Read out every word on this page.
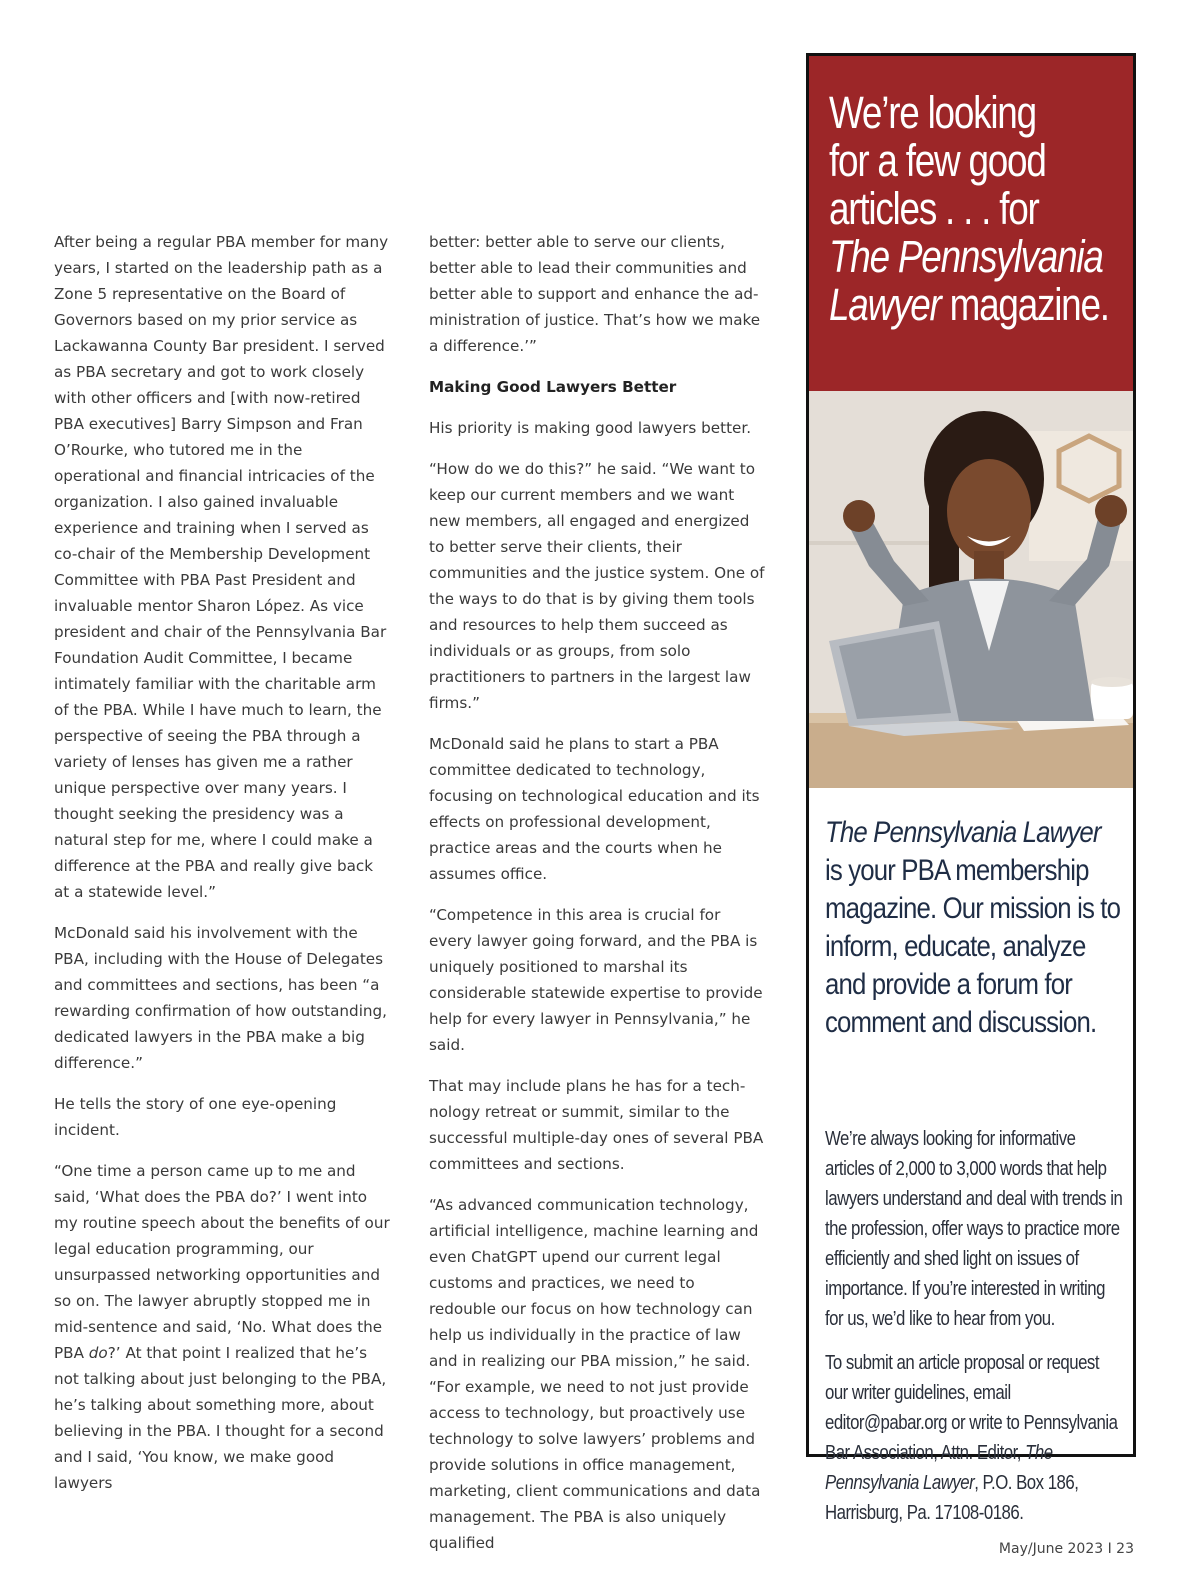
After being a regular PBA member for many years, I started on the leadership path as a Zone 5 representative on the Board of Governors based on my prior service as Lackawanna County Bar president. I served as PBA secretary and got to work closely with other officers and [with now-retired PBA executives] Barry Simpson and Fran O’Rourke, who tutored me in the operational and financial intricacies of the organization. I also gained invaluable experience and training when I served as co-chair of the Membership Development Committee with PBA Past President and invaluable mentor Sharon López. As vice president and chair of the Pennsylvania Bar Foundation Audit Committee, I became intimately familiar with the charitable arm of the PBA. While I have much to learn, the perspective of seeing the PBA through a variety of lenses has given me a rather unique perspective over many years. I thought seeking the presidency was a natural step for me, where I could make a difference at the PBA and really give back at a statewide level.”

McDonald said his involvement with the PBA, including with the House of Delegates and committees and sections, has been “a rewarding confirmation of how outstanding, dedicated lawyers in the PBA make a big difference.”

He tells the story of one eye-opening incident.

“One time a person came up to me and said, ‘What does the PBA do?’ I went into my routine speech about the benefits of our legal education programming, our unsurpassed networking opportunities and so on. The lawyer abruptly stopped me in mid-sentence and said, ‘No. What does the PBA do?’ At that point I realized that he’s not talking about just belonging to the PBA, he’s talking about something more, about believing in the PBA. I thought for a second and I said, ‘You know, we make good lawyers

better: better able to serve our clients, better able to lead their communities and better able to support and enhance the administration of justice. That’s how we make a difference.’”

Making Good Lawyers Better

His priority is making good lawyers better.

“How do we do this?” he said. “We want to keep our current members and we want new members, all engaged and energized to better serve their clients, their communities and the justice system. One of the ways to do that is by giving them tools and resources to help them succeed as individuals or as groups, from solo practitioners to partners in the largest law firms.”

McDonald said he plans to start a PBA committee dedicated to technology, focusing on technological education and its effects on professional development, practice areas and the courts when he assumes office.

“Competence in this area is crucial for every lawyer going forward, and the PBA is uniquely positioned to marshal its considerable statewide expertise to provide help for every lawyer in Pennsylvania,” he said.

That may include plans he has for a technology retreat or summit, similar to the successful multiple-day ones of several PBA committees and sections.

“As advanced communication technology, artificial intelligence, machine learning and even ChatGPT upend our current legal customs and practices, we need to redouble our focus on how technology can help us individually in the practice of law and in realizing our PBA mission,” he said. “For example, we need to not just provide access to technology, but proactively use technology to solve lawyers’ problems and provide solutions in office management, marketing, client communications and data management. The PBA is also uniquely qualified

We’re looking
for a few good
articles . . . for
The Pennsylvania
Lawyer magazine.
The Pennsylvania Lawyer
is your PBA membership magazine. Our mission is to inform, educate, analyze and provide a forum for comment and discussion.

We’re always looking for informative articles of 2,000 to 3,000 words that help lawyers understand and deal with trends in the profession, offer ways to practice more efficiently and shed light on issues of importance. If you’re interested in writing for us, we’d like to hear from you.

To submit an article proposal or request our writer guidelines, email editor@pabar.org or write to Pennsylvania Bar Association, Attn. Editor, The Pennsylvania Lawyer, P.O. Box 186, Harrisburg, Pa. 17108-0186.

May/June 2023 I 23
